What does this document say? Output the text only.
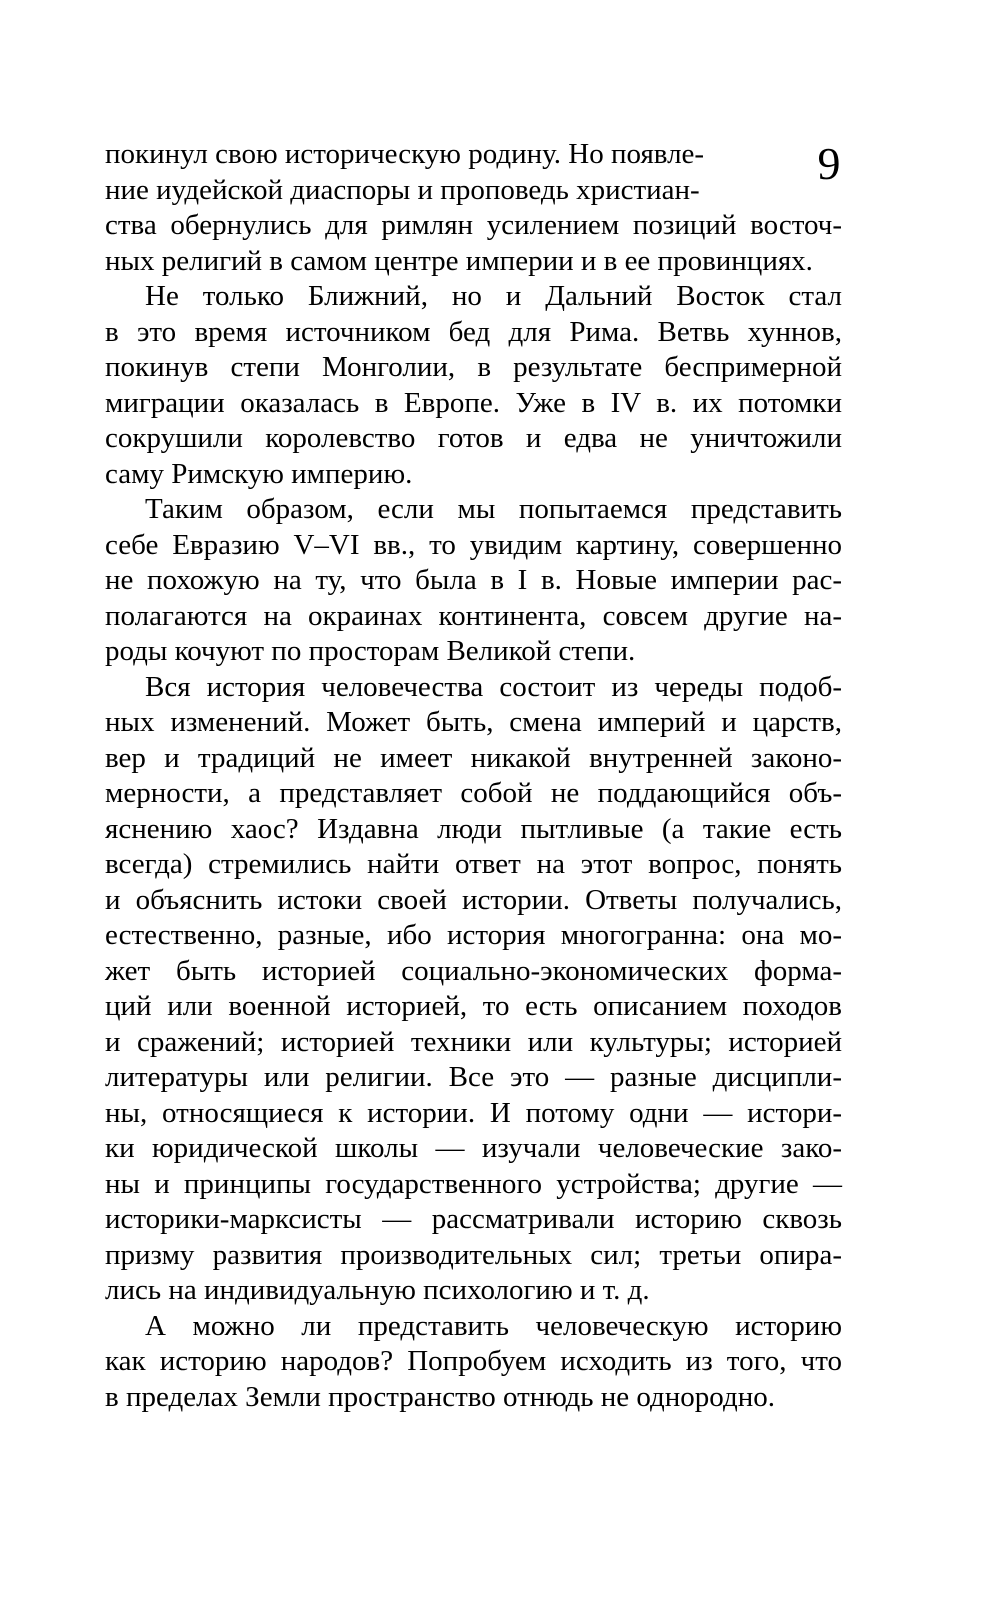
9
покинул свою историческую родину. Но появле-
ние иудейской диаспоры и проповедь христиан-
ства обернулись для римлян усилением позиций восточ-
ных религий в самом центре империи и в ее провинциях.
Не только Ближний, но и Дальний Восток стал
в это время источником бед для Рима. Ветвь хуннов,
покинув степи Монголии, в результате беспримерной
миграции оказалась в Европе. Уже в IV в. их потомки
сокрушили королевство готов и едва не уничтожили
саму Римскую империю.
Таким образом, если мы попытаемся представить
себе Евразию V–VI вв., то увидим картину, совершенно
не похожую на ту, что была в I в. Новые империи рас-
полагаются на окраинах континента, совсем другие на-
роды кочуют по просторам Великой степи.
Вся история человечества состоит из череды подоб-
ных изменений. Может быть, смена империй и царств,
вер и традиций не имеет никакой внутренней законо-
мерности, а представляет собой не поддающийся объ-
яснению хаос? Издавна люди пытливые (а такие есть
всегда) стремились найти ответ на этот вопрос, понять
и объяснить истоки своей истории. Ответы получались,
естественно, разные, ибо история многогранна: она мо-
жет быть историей социально-экономических форма-
ций или военной историей, то есть описанием походов
и сражений; историей техники или культуры; историей
литературы или религии. Все это — разные дисципли-
ны, относящиеся к истории. И потому одни — истори-
ки юридической школы — изучали человеческие зако-
ны и принципы государственного устройства; другие —
историки-марксисты — рассматривали историю сквозь
призму развития производительных сил; третьи опира-
лись на индивидуальную психологию и т. д.
А можно ли представить человеческую историю
как историю народов? Попробуем исходить из того, что
в пределах Земли пространство отнюдь не однородно.
